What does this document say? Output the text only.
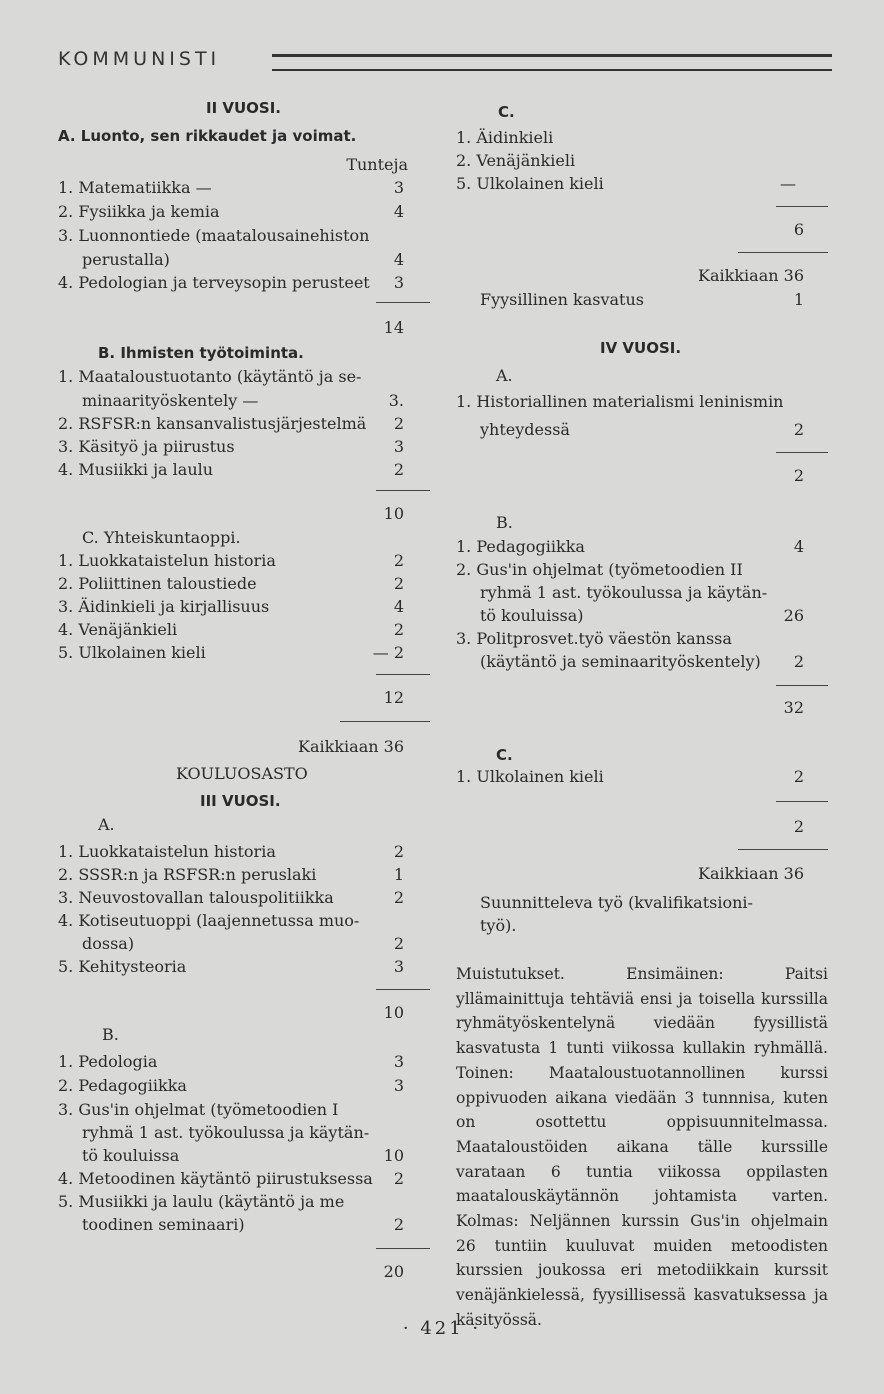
KOMMUNISTI
II VUOSI.
A. Luonto, sen rikkaudet ja voimat.
Tunteja
1. Matematiikka —	3
2. Fysiikka ja kemia	4
3. Luonnontiede (maatalousainehiston
perustalla)	4
4. Pedologian ja terveysopin perusteet	3
14
B. Ihmisten työtoiminta.
1. Maataloustuotanto (käytäntö ja se-
minaarityöskentely —	3.
2. RSFSR:n kansanvalistusjärjestelmä	2
3. Käsityö ja piirustus	3
4. Musiikki ja laulu	2
10
C. Yhteiskuntaoppi.
1. Luokkataistelun historia	2
2. Poliittinen taloustiede	2
3. Äidinkieli ja kirjallisuus	4
4. Venäjänkieli	2
5. Ulkolainen kieli	— 2
12
Kaikkiaan 36
KOULUOSASTO
III VUOSI.
A.
1. Luokkataistelun historia	2
2. SSSR:n ja RSFSR:n peruslaki	1
3. Neuvostovallan talouspolitiikka	2
4. Kotiseutuoppi (laajennetussa muo-
dossa)	2
5. Kehitysteoria	3
10
B.
1. Pedologia	3
2. Pedagogiikka	3
3. Gus'in ohjelmat (työmetoodien I
ryhmä 1 ast. työkoulussa ja käytän-
tö kouluissa	10
4. Metoodinen käytäntö piirustuksessa	2
5. Musiikki ja laulu (käytäntö ja me
toodinen seminaari)	2
20
C.
1. Äidinkieli
2. Venäjänkieli
5. Ulkolainen kieli	—
6
Kaikkiaan 36
Fyysillinen kasvatus	1
IV VUOSI.
A.
1. Historiallinen materialismi leninismin
yhteydessä	2
2
B.
1. Pedagogiikka	4
2. Gus'in ohjelmat (työmetoodien II
ryhmä 1 ast. työkoulussa ja käytän-
tö kouluissa)	26
3. Politprosvet.työ väestön kanssa
(käytäntö ja seminaarityöskentely)	2
32
C.
1. Ulkolainen kieli	2
2
Kaikkiaan 36
Suunnitteleva työ (kvalifikatsioni-
työ).
Muistutukset. Ensimäinen: Paitsi yllämainittuja tehtäviä ensi ja toisella kurssilla ryhmätyöskentelynä viedään fyysillistä kasvatusta 1 tunti viikossa kullakin ryhmällä. Toinen: Maataloustuotannollinen kurssi oppivuoden aikana viedään 3 tunnnisa, kuten on osottettu oppisuunnitelmassa. Maataloustöiden aikana tälle kurssille varataan 6 tuntia viikossa oppilasten maatalouskäytännön johtamista varten. Kolmas: Neljännen kurssin Gus'in ohjelmain 26 tuntiin kuuluvat muiden metoodisten kurssien joukossa eri metodiikkain kurssit venäjänkielessä, fyysillisessä kasvatuksessa ja käsityössä.
· 421 ·
